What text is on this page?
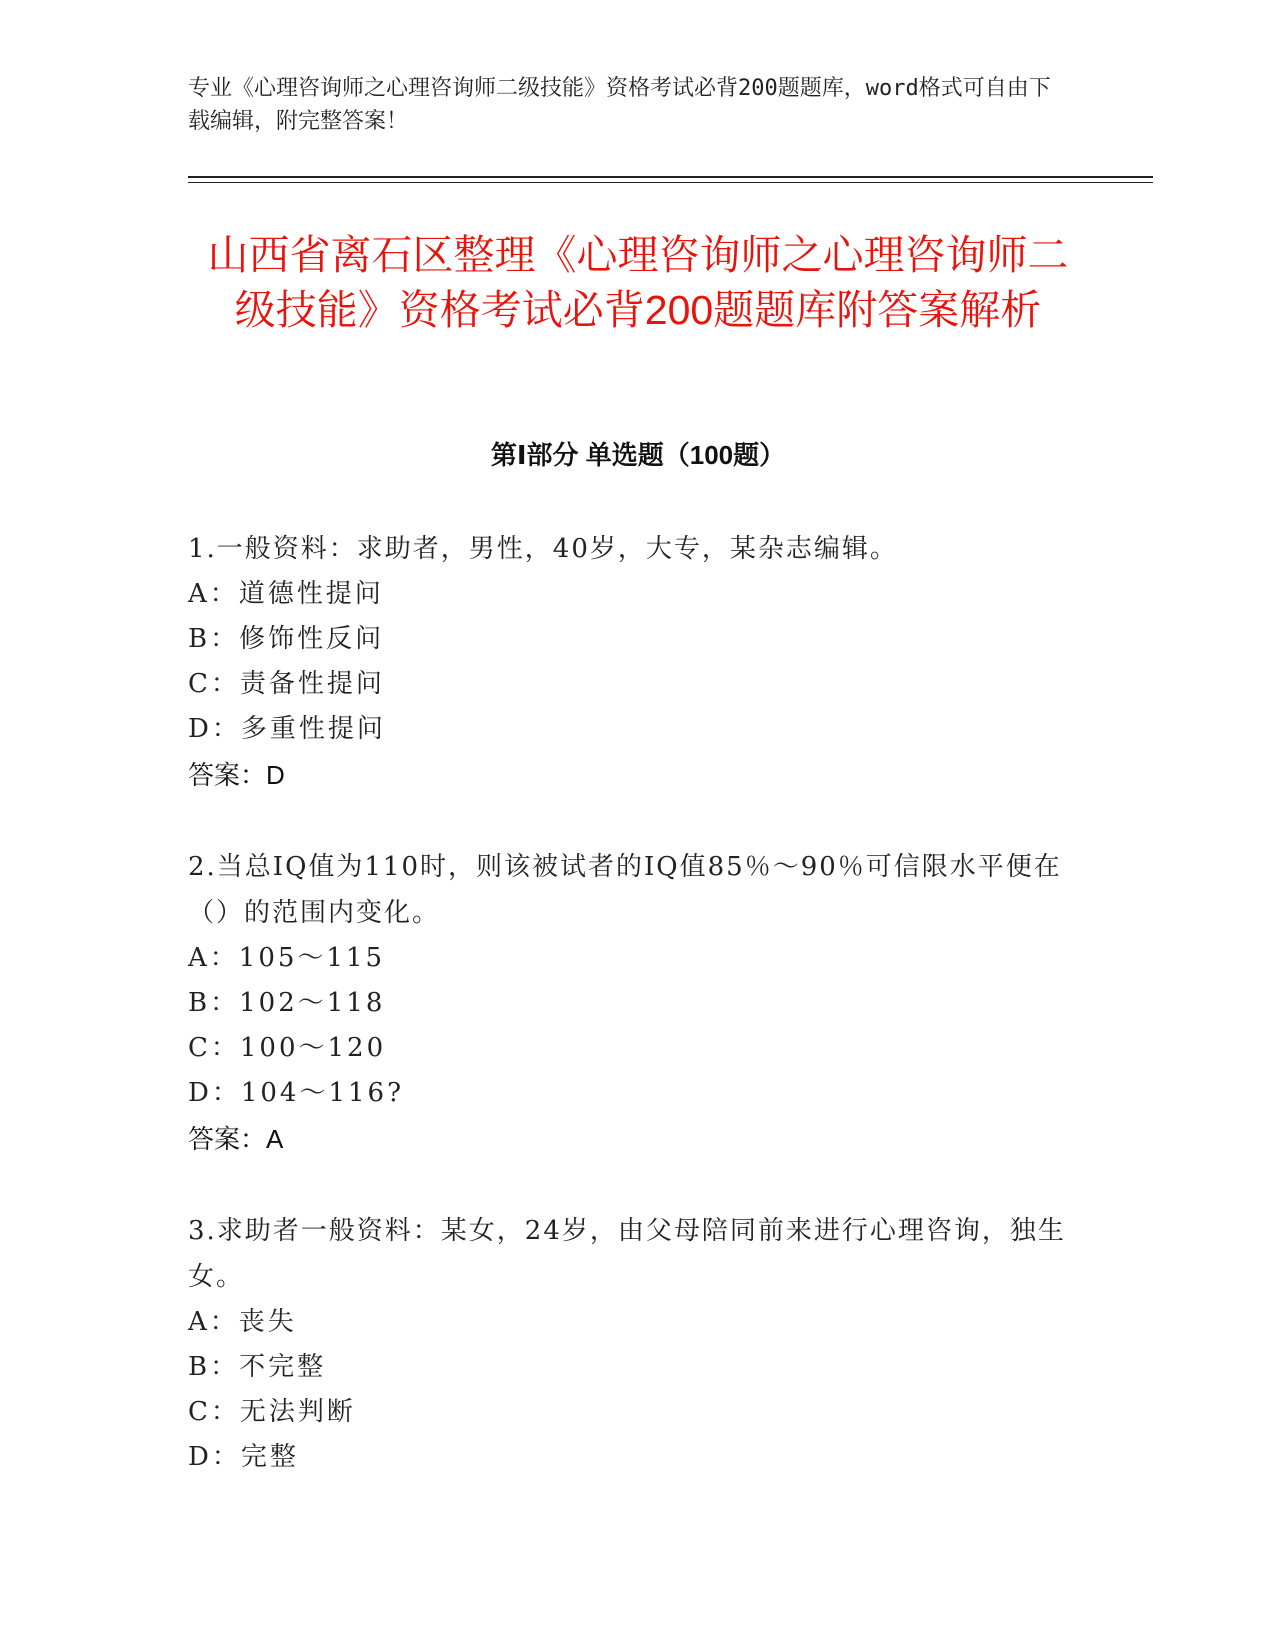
专业《心理咨询师之心理咨询师二级技能》资格考试必背200题题库，word格式可自由下载编辑，附完整答案！
山西省离石区整理《心理咨询师之心理咨询师二级技能》资格考试必背200题题库附答案解析
第Ⅰ部分 单选题（100题）
1.一般资料：求助者，男性，40岁，大专，某杂志编辑。
A：道德性提问
B：修饰性反问
C：责备性提问
D：多重性提问
答案：D
2.当总IQ值为110时，则该被试者的IQ值85％～90％可信限水平便在（）的范围内变化。
A：105～115
B：102～118
C：100～120
D：104～116?
答案：A
3.求助者一般资料：某女，24岁，由父母陪同前来进行心理咨询，独生女。
A：丧失
B：不完整
C：无法判断
D：完整
